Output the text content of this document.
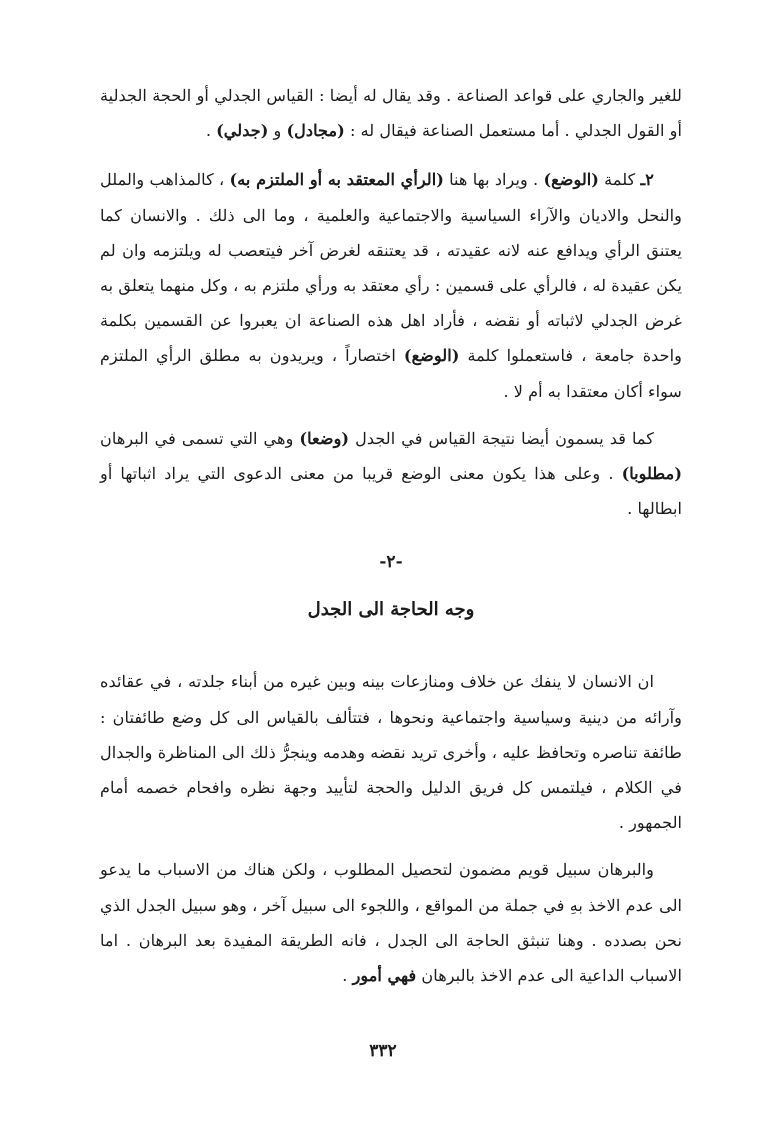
للغير والجاري على قواعد الصناعة . وقد يقال له أيضا : القياس الجدلي أو الحجة الجدلية أو القول الجدلي . أما مستعمل الصناعة فيقال له : (مجادل) و (جدلي) .

٢ـ كلمة (الوضع) . ويراد بها هنا (الرأي المعتقد به أو الملتزم به) ، كالمذاهب والملل والنحل والاديان والآراء السياسية والاجتماعية والعلمية ، وما الى ذلك . والانسان كما يعتنق الرأي ويدافع عنه لانه عقيدته ، قد يعتنقه لغرض آخر فيتعصب له ويلتزمه وان لم يكن عقيدة له ، فالرأي على قسمين : رأي معتقد به ورأي ملتزم به ، وكل منهما يتعلق به غرض الجدلي لاثباته أو نقضه ، فأراد اهل هذه الصناعة ان يعبروا عن القسمين بكلمة واحدة جامعة ، فاستعملوا كلمة (الوضع) اختصاراً ، ويريدون به مطلق الرأي الملتزم سواء أكان معتقدا به أم لا .

كما قد يسمون أيضا نتيجة القياس في الجدل (وضعا) وهي التي تسمى في البرهان (مطلوبا) . وعلى هذا يكون معنى الوضع قريبا من معنى الدعوى التي يراد اثباتها أو ابطالها .

-٢-
وجه الحاجة الى الجدل

ان الانسان لا ينفك عن خلاف ومنازعات بينه وبين غيره من أبناء جلدته ، في عقائده وآرائه من دينية وسياسية واجتماعية ونحوها ، فتتألف بالقياس الى كل وضع طائفتان : طائفة تناصره وتحافظ عليه ، وأخرى تريد نقضه وهدمه وينجرُّ ذلك الى المناظرة والجدال في الكلام ، فيلتمس كل فريق الدليل والحجة لتأييد وجهة نظره وافحام خصمه أمام الجمهور .

والبرهان سبيل قويم مضمون لتحصيل المطلوب ، ولكن هناك من الاسباب ما يدعو الى عدم الاخذ بهِ في جملة من المواقع ، واللجوء الى سبيل آخر ، وهو سبيل الجدل الذي نحن بصدده . وهنا تنبثق الحاجة الى الجدل ، فانه الطريقة المفيدة بعد البرهان . اما الاسباب الداعية الى عدم الاخذ بالبرهان فهي أمور .

٣٣٢
